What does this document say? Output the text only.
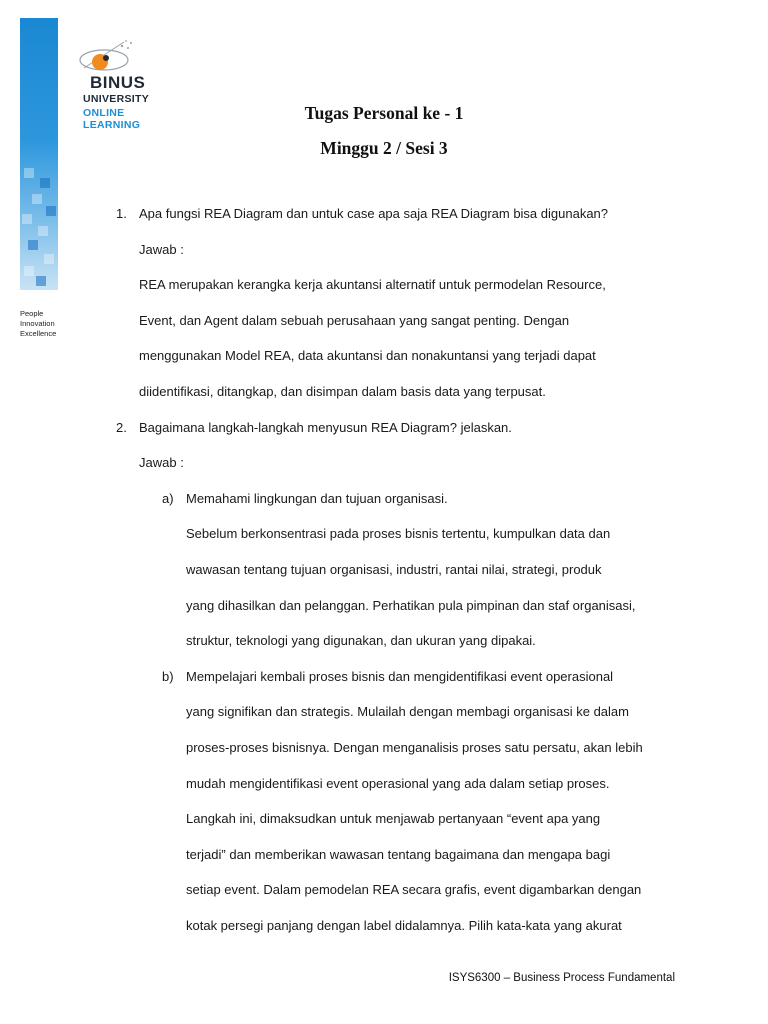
People
Innovation
Excellence
BINUS
UNIVERSITY
ONLINE
LEARNING
Tugas Personal ke - 1
Minggu 2 / Sesi 3
1. Apa fungsi REA Diagram dan untuk case apa saja REA Diagram bisa digunakan?
Jawab :
REA merupakan kerangka kerja akuntansi alternatif untuk permodelan Resource,
Event, dan Agent dalam sebuah perusahaan yang sangat penting. Dengan
menggunakan Model REA, data akuntansi dan nonakuntansi yang terjadi dapat
diidentifikasi, ditangkap, dan disimpan dalam basis data yang terpusat.
2. Bagaimana langkah-langkah menyusun REA Diagram? jelaskan.
Jawab :
a) Memahami lingkungan dan tujuan organisasi.
Sebelum berkonsentrasi pada proses bisnis tertentu, kumpulkan data dan
wawasan tentang tujuan organisasi, industri, rantai nilai, strategi, produk
yang dihasilkan dan pelanggan. Perhatikan pula pimpinan dan staf organisasi,
struktur, teknologi yang digunakan, dan ukuran yang dipakai.
b) Mempelajari kembali proses bisnis dan mengidentifikasi event operasional
yang signifikan dan strategis. Mulailah dengan membagi organisasi ke dalam
proses-proses bisnisnya. Dengan menganalisis proses satu persatu, akan lebih
mudah mengidentifikasi event operasional yang ada dalam setiap proses.
Langkah ini, dimaksudkan untuk menjawab pertanyaan “event apa yang
terjadi” dan memberikan wawasan tentang bagaimana dan mengapa bagi
setiap event. Dalam pemodelan REA secara grafis, event digambarkan dengan
kotak persegi panjang dengan label didalamnya. Pilih kata-kata yang akurat
ISYS6300 – Business Process Fundamental
